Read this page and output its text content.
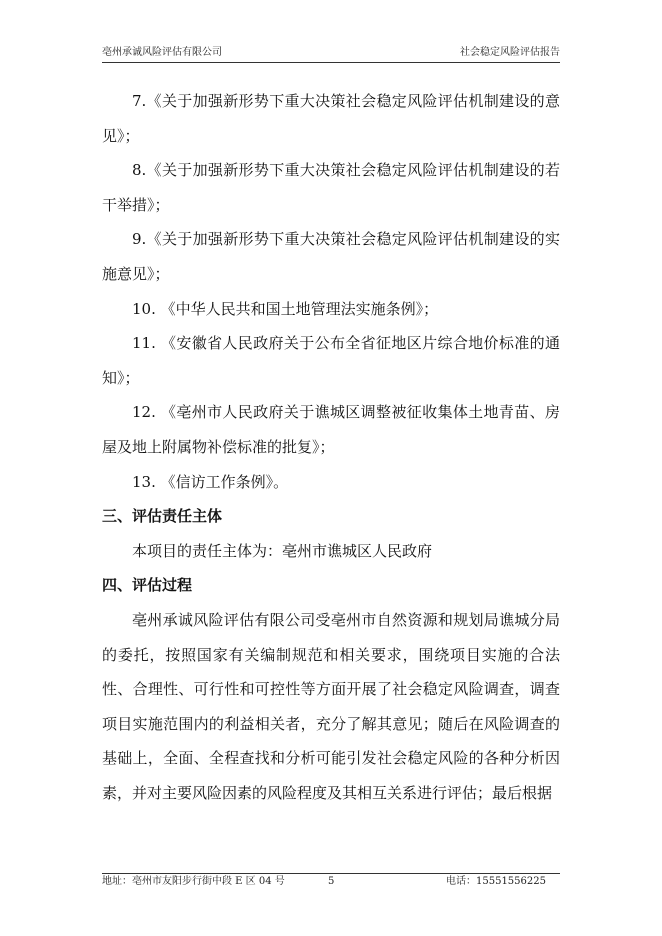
亳州承诚风险评估有限公司	社会稳定风险评估报告

7.《关于加强新形势下重大决策社会稳定风险评估机制建设的意见》；

8.《关于加强新形势下重大决策社会稳定风险评估机制建设的若干举措》；

9.《关于加强新形势下重大决策社会稳定风险评估机制建设的实施意见》；

10. 《中华人民共和国土地管理法实施条例》；

11. 《安徽省人民政府关于公布全省征地区片综合地价标准的通知》；

12. 《亳州市人民政府关于谯城区调整被征收集体土地青苗、房屋及地上附属物补偿标准的批复》；

13. 《信访工作条例》。

三、评估责任主体

本项目的责任主体为：亳州市谯城区人民政府

四、评估过程

亳州承诚风险评估有限公司受亳州市自然资源和规划局谯城分局的委托，按照国家有关编制规范和相关要求，围绕项目实施的合法性、合理性、可行性和可控性等方面开展了社会稳定风险调查，调查项目实施范围内的利益相关者，充分了解其意见；随后在风险调查的基础上，全面、全程查找和分析可能引发社会稳定风险的各种分析因素，并对主要风险因素的风险程度及其相互关系进行评估；最后根据

地址：亳州市友阳步行街中段 E 区 04 号	5	电话：15551556225
